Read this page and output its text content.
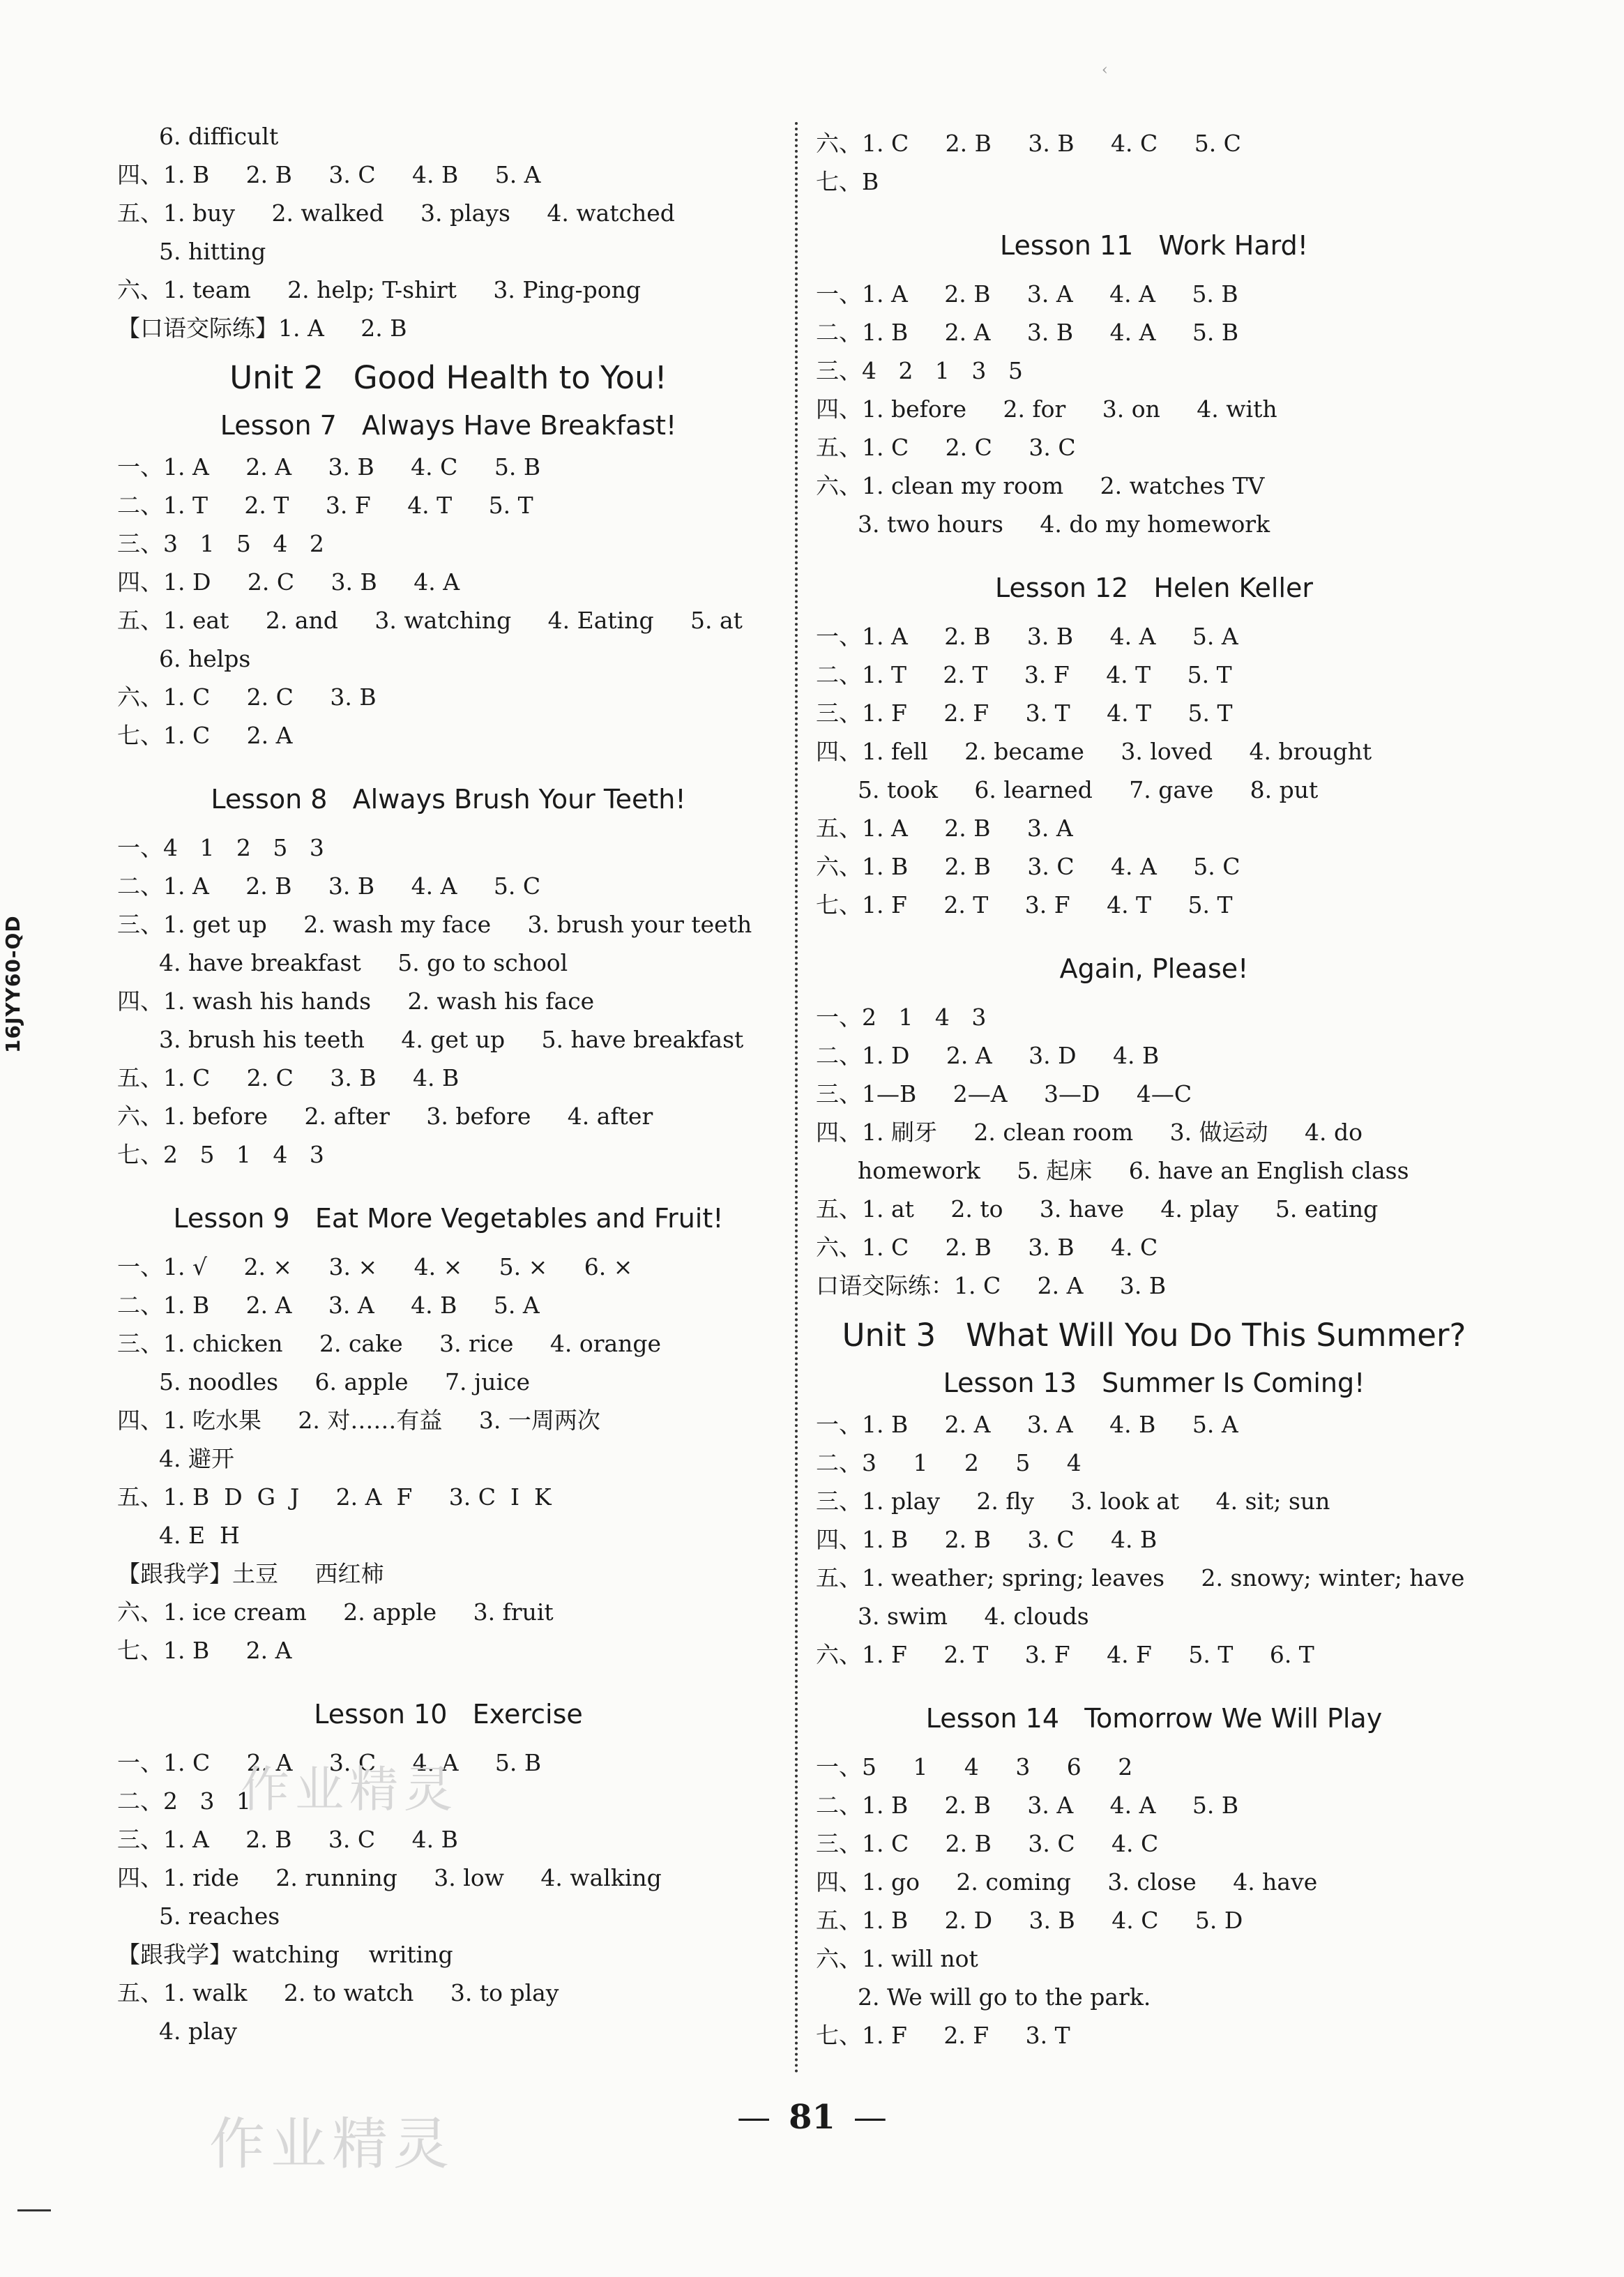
16JYY60-QD
‹
6. difficult
四、1. B     2. B     3. C     4. B     5. A
五、1. buy     2. walked     3. plays     4. watched
5. hitting
六、1. team     2. help; T-shirt     3. Ping-pong
【口语交际练】1. A     2. B
Unit 2   Good Health to You!
Lesson 7   Always Have Breakfast!
一、1. A     2. A     3. B     4. C     5. B
二、1. T     2. T     3. F     4. T     5. T
三、3   1   5   4   2
四、1. D     2. C     3. B     4. A
五、1. eat     2. and     3. watching     4. Eating     5. at
6. helps
六、1. C     2. C     3. B
七、1. C     2. A
Lesson 8   Always Brush Your Teeth!
一、4   1   2   5   3
二、1. A     2. B     3. B     4. A     5. C
三、1. get up     2. wash my face     3. brush your teeth
4. have breakfast     5. go to school
四、1. wash his hands     2. wash his face
3. brush his teeth     4. get up     5. have breakfast
五、1. C     2. C     3. B     4. B
六、1. before     2. after     3. before     4. after
七、2   5   1   4   3
Lesson 9   Eat More Vegetables and Fruit!
一、1. √     2. ×     3. ×     4. ×     5. ×     6. ×
二、1. B     2. A     3. A     4. B     5. A
三、1. chicken     2. cake     3. rice     4. orange
5. noodles     6. apple     7. juice
四、1. 吃水果     2. 对……有益     3. 一周两次
4. 避开
五、1. B  D  G  J     2. A  F     3. C  I  K
4. E  H
【跟我学】土豆     西红柿
六、1. ice cream     2. apple     3. fruit
七、1. B     2. A
Lesson 10   Exercise
一、1. C     2. A     3. C     4. A     5. B
二、2   3   1
三、1. A     2. B     3. C     4. B
四、1. ride     2. running     3. low     4. walking
5. reaches
【跟我学】watching    writing
五、1. walk     2. to watch     3. to play
4. play
六、1. C     2. B     3. B     4. C     5. C
七、B
Lesson 11   Work Hard!
一、1. A     2. B     3. A     4. A     5. B
二、1. B     2. A     3. B     4. A     5. B
三、4   2   1   3   5
四、1. before     2. for     3. on     4. with
五、1. C     2. C     3. C
六、1. clean my room     2. watches TV
3. two hours     4. do my homework
Lesson 12   Helen Keller
一、1. A     2. B     3. B     4. A     5. A
二、1. T     2. T     3. F     4. T     5. T
三、1. F     2. F     3. T     4. T     5. T
四、1. fell     2. became     3. loved     4. brought
5. took     6. learned     7. gave     8. put
五、1. A     2. B     3. A
六、1. B     2. B     3. C     4. A     5. C
七、1. F     2. T     3. F     4. T     5. T
Again, Please!
一、2   1   4   3
二、1. D     2. A     3. D     4. B
三、1—B     2—A     3—D     4—C
四、1. 刷牙     2. clean room     3. 做运动     4. do
homework     5. 起床     6. have an English class
五、1. at     2. to     3. have     4. play     5. eating
六、1. C     2. B     3. B     4. C
口语交际练：1. C     2. A     3. B
Unit 3   What Will You Do This Summer?
Lesson 13   Summer Is Coming!
一、1. B     2. A     3. A     4. B     5. A
二、3     1     2     5     4
三、1. play     2. fly     3. look at     4. sit; sun
四、1. B     2. B     3. C     4. B
五、1. weather; spring; leaves     2. snowy; winter; have
3. swim     4. clouds
六、1. F     2. T     3. F     4. F     5. T     6. T
Lesson 14   Tomorrow We Will Play
一、5     1     4     3     6     2
二、1. B     2. B     3. A     4. A     5. B
三、1. C     2. B     3. C     4. C
四、1. go     2. coming     3. close     4. have
五、1. B     2. D     3. B     4. C     5. D
六、1. will not
2. We will go to the park.
七、1. F     2. F     3. T
作业精灵
作业精灵	— 81 —
